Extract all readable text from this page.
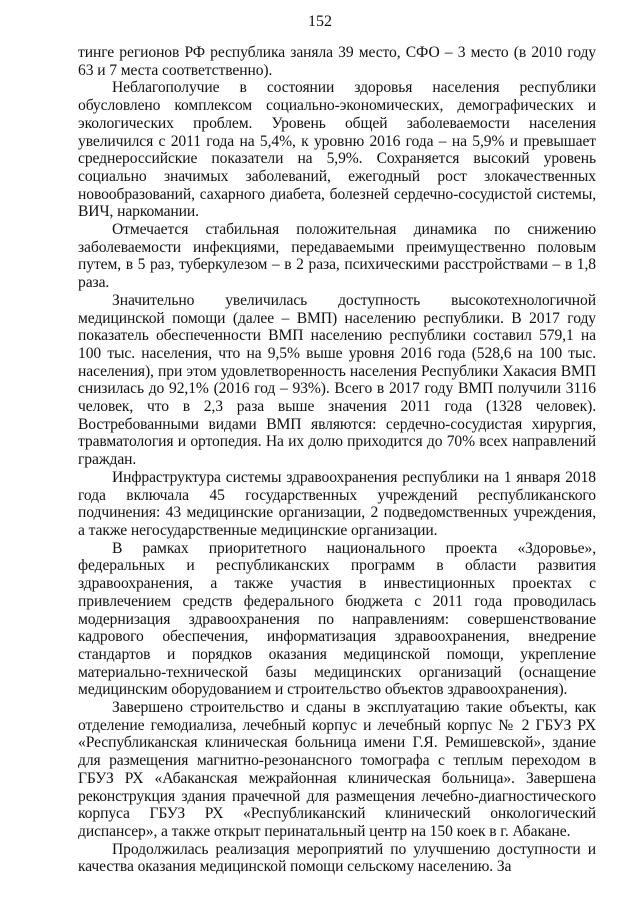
152

тинге регионов РФ республика заняла 39 место, СФО – 3 место (в 2010 году 63 и 7 места соответственно).

Неблагополучие в состоянии здоровья населения республики обусловлено комплексом социально-экономических, демографических и экологических проблем. Уровень общей заболеваемости населения увеличился с 2011 года на 5,4%, к уровню 2016 года – на 5,9% и превышает среднероссийские показатели на 5,9%. Сохраняется высокий уровень социально значимых заболеваний, ежегодный рост злокачественных новообразований, сахарного диабета, болезней сердечно-сосудистой системы, ВИЧ, наркомании.

Отмечается стабильная положительная динамика по снижению заболеваемости инфекциями, передаваемыми преимущественно половым путем, в 5 раз, туберкулезом – в 2 раза, психическими расстройствами – в 1,8 раза.

Значительно увеличилась доступность высокотехнологичной медицинской помощи (далее – ВМП) населению республики. В 2017 году показатель обеспеченности ВМП населению республики составил 579,1 на 100 тыс. населения, что на 9,5% выше уровня 2016 года (528,6 на 100 тыс. населения), при этом удовлетворенность населения Республики Хакасия ВМП снизилась до 92,1% (2016 год – 93%). Всего в 2017 году ВМП получили 3116 человек, что в 2,3 раза выше значения 2011 года (1328 человек). Востребованными видами ВМП являются: сердечно-сосудистая хирургия, травматология и ортопедия. На их долю приходится до 70% всех направлений граждан.

Инфраструктура системы здравоохранения республики на 1 января 2018 года включала 45 государственных учреждений республиканского подчинения: 43 медицинские организации, 2 подведомственных учреждения, а также негосударственные медицинские организации.

В рамках приоритетного национального проекта «Здоровье», федеральных и республиканских программ в области развития здравоохранения, а также участия в инвестиционных проектах с привлечением средств федерального бюджета с 2011 года проводилась модернизация здравоохранения по направлениям: совершенствование кадрового обеспечения, информатизация здравоохранения, внедрение стандартов и порядков оказания медицинской помощи, укрепление материально-технической базы медицинских организаций (оснащение медицинским оборудованием и строительство объектов здравоохранения).

Завершено строительство и сданы в эксплуатацию такие объекты, как отделение гемодиализа, лечебный корпус и лечебный корпус № 2 ГБУЗ РХ «Республиканская клиническая больница имени Г.Я. Ремишевской», здание для размещения магнитно-резонансного томографа с теплым переходом в ГБУЗ РХ «Абаканская межрайонная клиническая больница». Завершена реконструкция здания прачечной для размещения лечебно-диагностического корпуса ГБУЗ РХ «Республиканский клинический онкологический диспансер», а также открыт перинатальный центр на 150 коек в г. Абакане.

Продолжилась реализация мероприятий по улучшению доступности и качества оказания медицинской помощи сельскому населению. За
